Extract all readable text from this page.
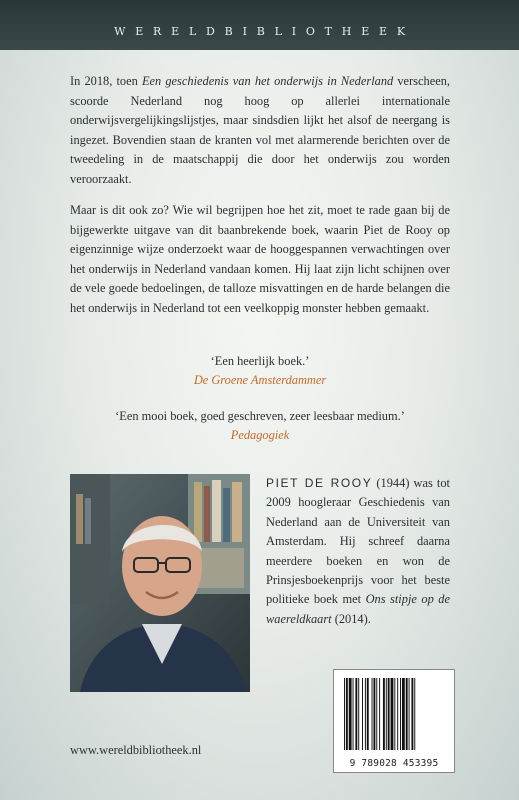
WERELDBIBLIOTHEEK
In 2018, toen Een geschiedenis van het onderwijs in Nederland verscheen, scoorde Nederland nog hoog op allerlei internationale onderwijsvergelijkingslijstjes, maar sindsdien lijkt het alsof de neergang is ingezet. Bovendien staan de kranten vol met alarmerende berichten over de tweedeling in de maatschappij die door het onderwijs zou worden veroorzaakt.
Maar is dit ook zo? Wie wil begrijpen hoe het zit, moet te rade gaan bij de bijgewerkte uitgave van dit baanbrekende boek, waarin Piet de Rooy op eigenzinnige wijze onderzoekt waar de hooggespannen verwachtingen over het onderwijs in Nederland vandaan komen. Hij laat zijn licht schijnen over de vele goede bedoelingen, de talloze misvattingen en de harde belangen die het onderwijs in Nederland tot een veelkoppig monster hebben gemaakt.
‘Een heerlijk boek.’
De Groene Amsterdammer
‘Een mooi boek, goed geschreven, zeer leesbaar medium.’
Pedagogiek
PIET DE ROOY (1944) was tot 2009 hoogleraar Geschiedenis van Nederland aan de Universiteit van Amsterdam. Hij schreef daarna meerdere boeken en won de Prinsjesboekenprijs voor het beste politieke boek met Ons stipje op de waereldkaart (2014).
www.wereldbibliotheek.nl
9 789028 453395
